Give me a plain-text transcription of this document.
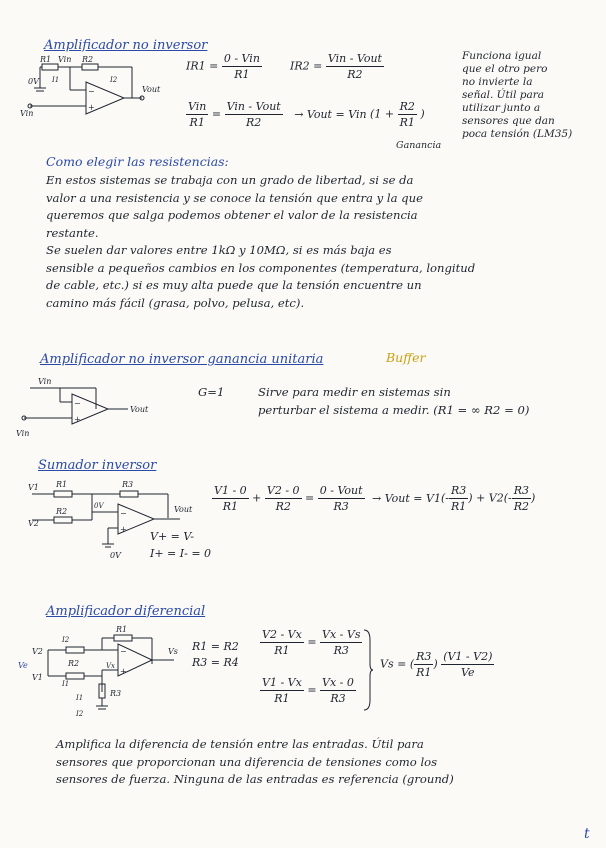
Amplificador no inversor
−
+
R1 Vin R2
0V I1	I2
Vin
Vout
$IR1 = \frac{\text{0 - Vin}}{R1}$	$IR2 = \frac{\text{Vin - Vout}}{R2}$
$\frac{\text{Vin}}{R1} = \frac{\text{Vin - Vout}}{R2}$ → Vout = Vin ($1 + \frac{R2}{R1}$ )
Ganancia
Funciona igual
que el otro pero
no invierte la
señal. Útil para
utilizar junto a
sensores que dan
poca tensión (LM35)
Como elegir las resistencias:
En estos sistemas se trabaja con un grado de libertad, si se da
valor a una resistencia y se conoce la tensión que entra y la que
queremos que salga podemos obtener el valor de la resistencia
restante.
Se suelen dar valores entre 1kΩ y 10MΩ, si es más baja es
sensible a pequeños cambios en los componentes (temperatura, longitud
de cable, etc.) si es muy alta puede que la tensión encuentre un
camino más fácil (grasa, polvo, pelusa, etc).
Amplificador no inversor ganancia unitaria	Buffer
−
+
Vin
Vin
Vout
G=1	Sirve para medir en sistemas sin
perturbar el sistema a medir. (R1 = ∞ R2 = 0)
Sumador inversor
−
+
V1 R1	R3
V2
R2
0V	Vout
0V
$\frac{V1 - 0}{R1} + \frac{V2 - 0}{R2} = \frac{\text{0 - Vout}}{R3}$ → Vout = $V1(- \frac{R3}{R1}$ ) + $V2(- \frac{R3}{R2}$ )
V+ = V-
I+ = I- = 0
Amplificador diferencial
−
+
I2
R1
V2
R2
I1
V1
Vs
Vx
I1	R3
I2
Ve
R1 = R2
R3 = R4
$\frac{V2 - Vx}{R1} = \frac{Vx - Vs}{R3}$
$\frac{V1 - Vx}{R1} = \frac{Vx - 0}{R3}$
Vs = ( $\frac{R3}{R1}$ ) $\frac{(V1 - V2)}{Ve}$
Amplifica la diferencia de tensión entre las entradas. Útil para
sensores que proporcionan una diferencia de tensiones como los
sensores de fuerza. Ninguna de las entradas es referencia (ground)
t
